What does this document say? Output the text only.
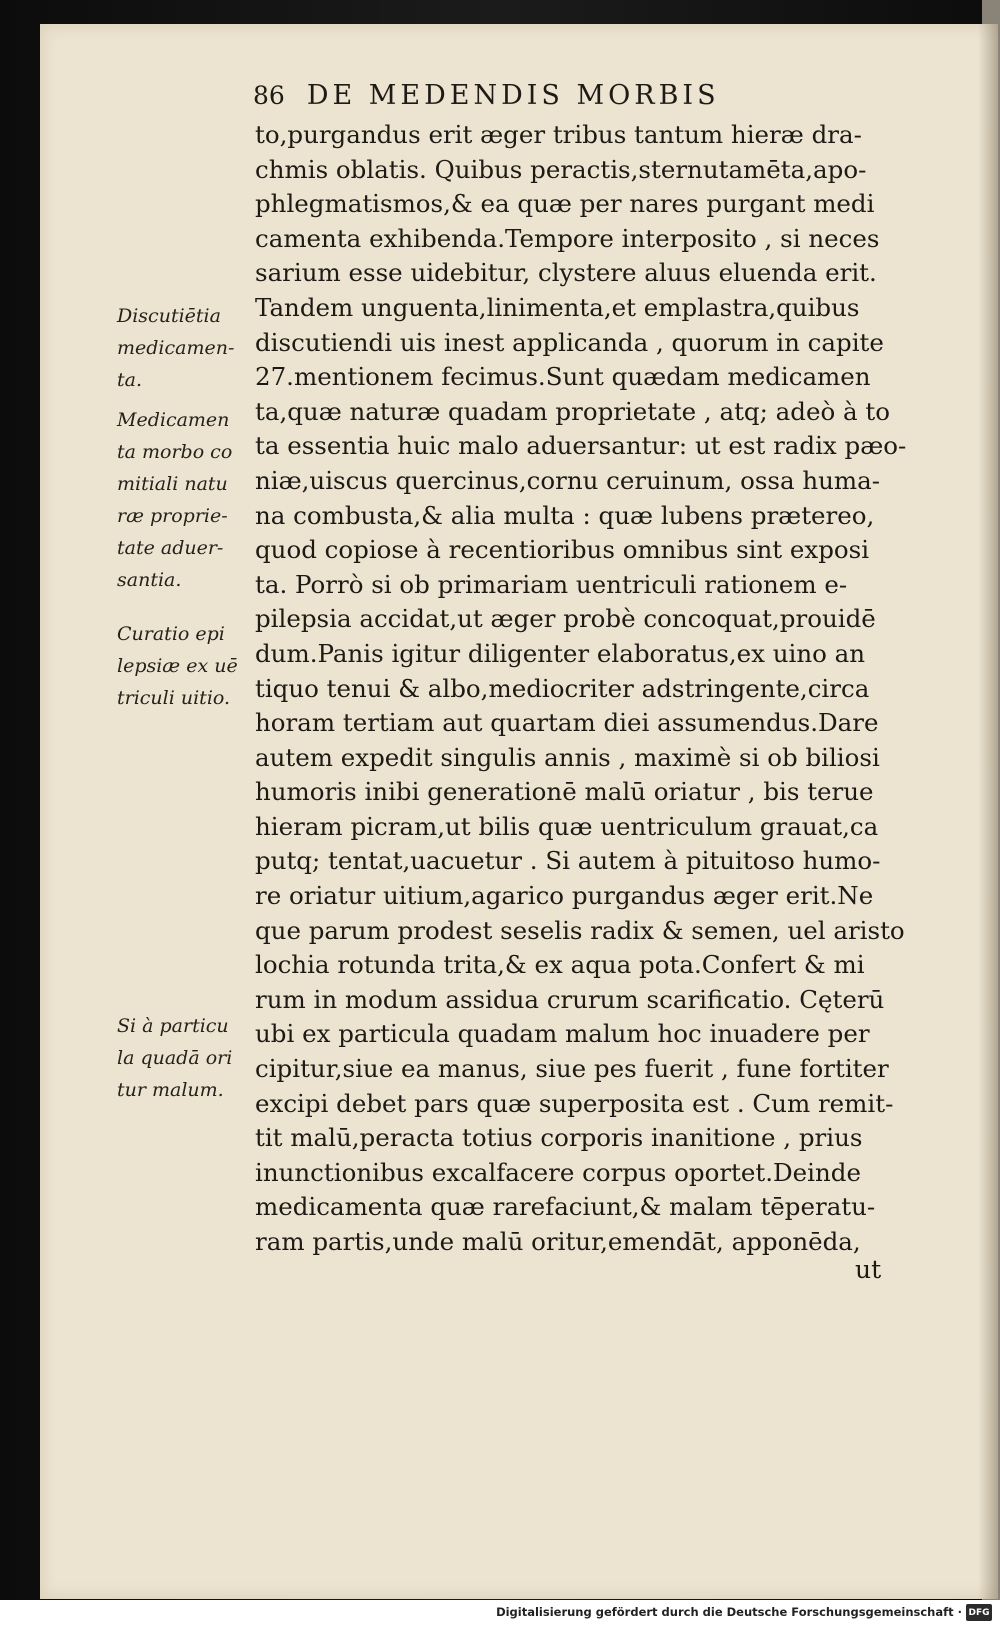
86 DE MEDENDIS MORBIS
to,purgandus erit æger tribus tantum hieræ dra-
chmis oblatis. Quibus peractis,sternutamēta,apo-
phlegmatismos,& ea quæ per nares purgant medi
camenta exhibenda.Tempore interposito , si neces
sarium esse uidebitur, clystere aluus eluenda erit.
Tandem unguenta,linimenta,et emplastra,quibus
discutiendi uis inest applicanda , quorum in capite
27.mentionem fecimus.Sunt quædam medicamen
ta,quæ naturæ quadam proprietate , atq; adeò à to
ta essentia huic malo aduersantur: ut est radix pæo-
niæ,uiscus quercinus,cornu ceruinum, ossa huma-
na combusta,& alia multa : quæ lubens prætereo,
quod copiose à recentioribus omnibus sint exposi
ta. Porrò si ob primariam uentriculi rationem e-
pilepsia accidat,ut æger probè concoquat,prouidē
dum.Panis igitur diligenter elaboratus,ex uino an
tiquo tenui & albo,mediocriter adstringente,circa
horam tertiam aut quartam diei assumendus.Dare
autem expedit singulis annis , maximè si ob biliosi
humoris inibi generationē malū oriatur , bis terue
hieram picram,ut bilis quæ uentriculum grauat,ca
putq; tentat,uacuetur . Si autem à pituitoso humo-
re oriatur uitium,agarico purgandus æger erit.Ne
que parum prodest seselis radix & semen, uel aristo
lochia rotunda trita,& ex aqua pota.Confert & mi
rum in modum assidua crurum scarificatio. Cęterū
ubi ex particula quadam malum hoc inuadere per
cipitur,siue ea manus, siue pes fuerit , fune fortiter
excipi debet pars quæ superposita est . Cum remit-
tit malū,peracta totius corporis inanitione , prius
inunctionibus excalfacere corpus oportet.Deinde
medicamenta quæ rarefaciunt,& malam tēperatu-
ram partis,unde malū oritur,emendāt, apponēda,
ut
Discutiētia
medicamen-
ta.
Medicamen
ta morbo co
mitiali natu
ræ proprie-
tate aduer-
santia.
Curatio epi
lepsiæ ex uē
triculi uitio.
Si à particu
la quadā ori
tur malum.
Digitalisierung gefördert durch die Deutsche Forschungsgemeinschaft · DFG
